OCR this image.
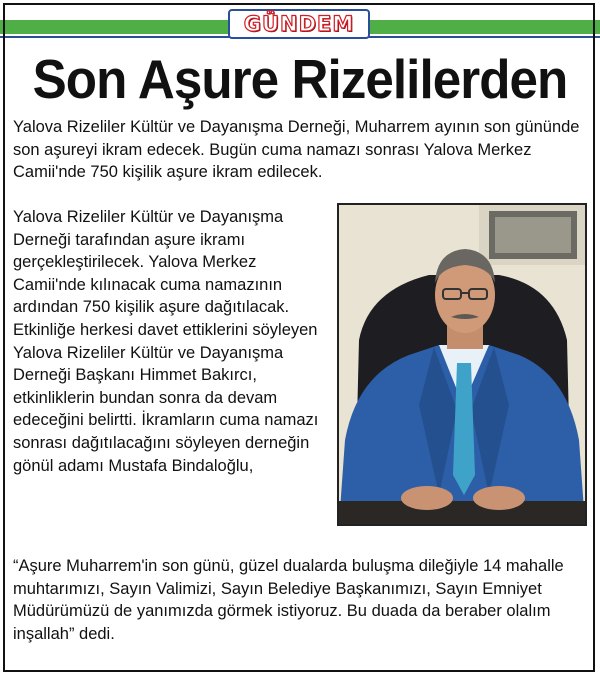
GÜNDEM
Son Aşure Rizelilerden
Yalova Rizeliler Kültür ve Dayanışma Derneği, Muharrem ayının son gününde son aşureyi ikram edecek. Bugün cuma namazı sonrası Yalova Merkez Camii'nde 750 kişilik aşure ikram edilecek.
Yalova Rizeliler Kültür ve Dayanışma Derneği tarafından aşure ikramı gerçekleştirilecek. Yalova Merkez Camii'nde kılınacak cuma namazının ardından 750 kişilik aşure dağıtılacak. Etkinliğe herkesi davet ettiklerini söyleyen Yalova Rizeliler Kültür ve Dayanışma Derneği Başkanı Himmet Bakırcı, etkinliklerin bundan sonra da devam edeceğini belirtti. İkramların cuma namazı sonrası dağıtılacağını söyleyen derneğin gönül adamı Mustafa Bindaloğlu,
“Aşure Muharrem'in son günü, güzel dualarda buluşma dileğiyle 14 mahalle muhtarımızı, Sayın Valimizi, Sayın Belediye Başkanımızı, Sayın Emniyet Müdürümüzü de yanımızda görmek istiyoruz. Bu duada da beraber olalım inşallah” dedi.
